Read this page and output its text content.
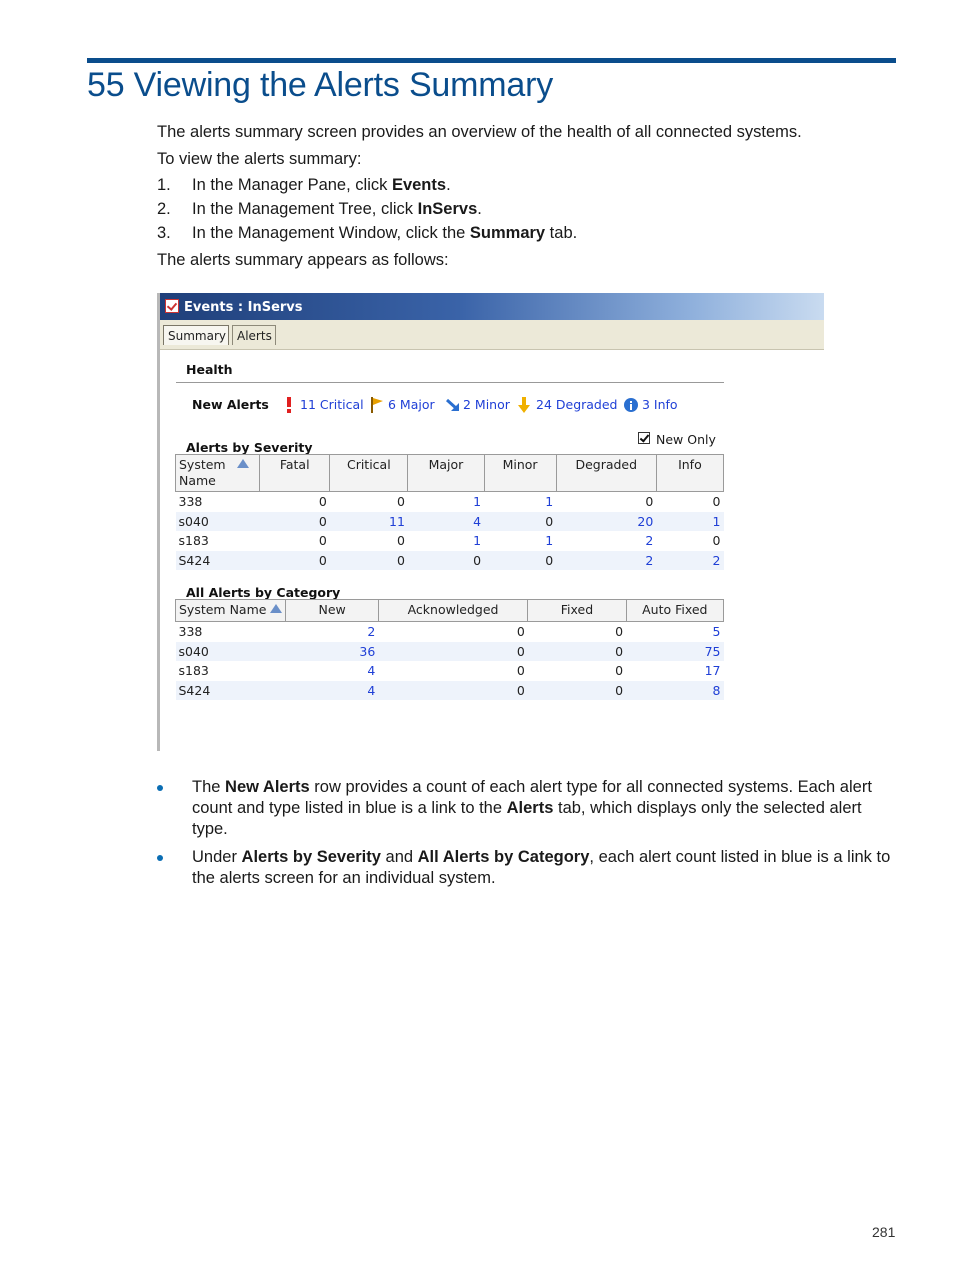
55 Viewing the Alerts Summary

The alerts summary screen provides an overview of the health of all connected systems.

To view the alerts summary:

1. In the Manager Pane, click Events.
2. In the Management Tree, click InServs.
3. In the Management Window, click the Summary tab.

The alerts summary appears as follows:

Events : InServs
Summary Alerts
Health
New Alerts 11 Critical 6 Major 2 Minor 24 Degraded 3 Info
Alerts by Severity
New Only
System Name	Fatal	Critical	Major	Minor	Degraded	Info
338	0	0	1	1	0	0
s040	0	11	4	0	20	1
s183	0	0	1	1	2	0
S424	0	0	0	0	2	2
All Alerts by Category
System Name	New	Acknowledged	Fixed	Auto Fixed
338	2	0	0	5
s040	36	0	0	75
s183	4	0	0	17
S424	4	0	0	8
The New Alerts row provides a count of each alert type for all connected systems. Each alert count and type listed in blue is a link to the Alerts tab, which displays only the selected alert type.
Under Alerts by Severity and All Alerts by Category, each alert count listed in blue is a link to the alerts screen for an individual system.
281
